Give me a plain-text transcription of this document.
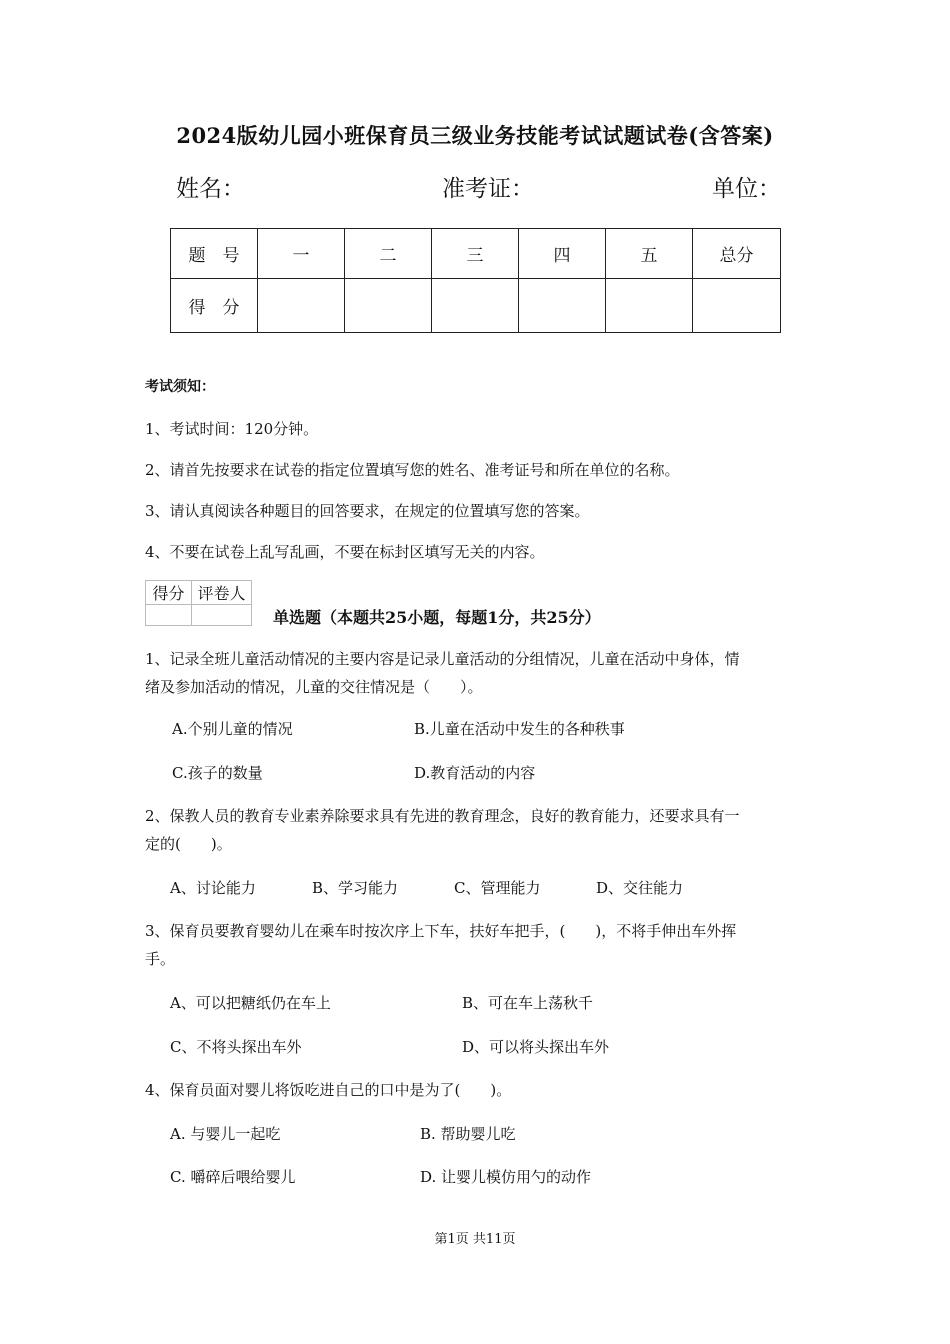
2024版幼儿园小班保育员三级业务技能考试试题试卷(含答案)
姓名：	准考证：	单位：
题　号	一	二	三	四	五	总分
得　分						
考试须知：
1、考试时间：120分钟。
2、请首先按要求在试卷的指定位置填写您的姓名、准考证号和所在单位的名称。
3、请认真阅读各种题目的回答要求，在规定的位置填写您的答案。
4、不要在试卷上乱写乱画，不要在标封区填写无关的内容。
得分	评卷人

单选题（本题共25小题，每题1分，共25分）
1、记录全班儿童活动情况的主要内容是记录儿童活动的分组情况，儿童在活动中身体，情
绪及参加活动的情况，儿童的交往情况是（　　）。
A.个别儿童的情况	B.儿童在活动中发生的各种秩事
C.孩子的数量	D.教育活动的内容
2、保教人员的教育专业素养除要求具有先进的教育理念，良好的教育能力，还要求具有一
定的(　　)。
A、讨论能力	B、学习能力	C、管理能力	D、交往能力
3、保育员要教育婴幼儿在乘车时按次序上下车，扶好车把手，(　　)，不将手伸出车外挥
手。
A、可以把糖纸仍在车上	B、可在车上荡秋千
C、不将头探出车外	D、可以将头探出车外
4、保育员面对婴儿将饭吃进自己的口中是为了(　　)。
A. 与婴儿一起吃	B. 帮助婴儿吃
C. 嚼碎后喂给婴儿	D. 让婴儿模仿用勺的动作
第1页 共11页
